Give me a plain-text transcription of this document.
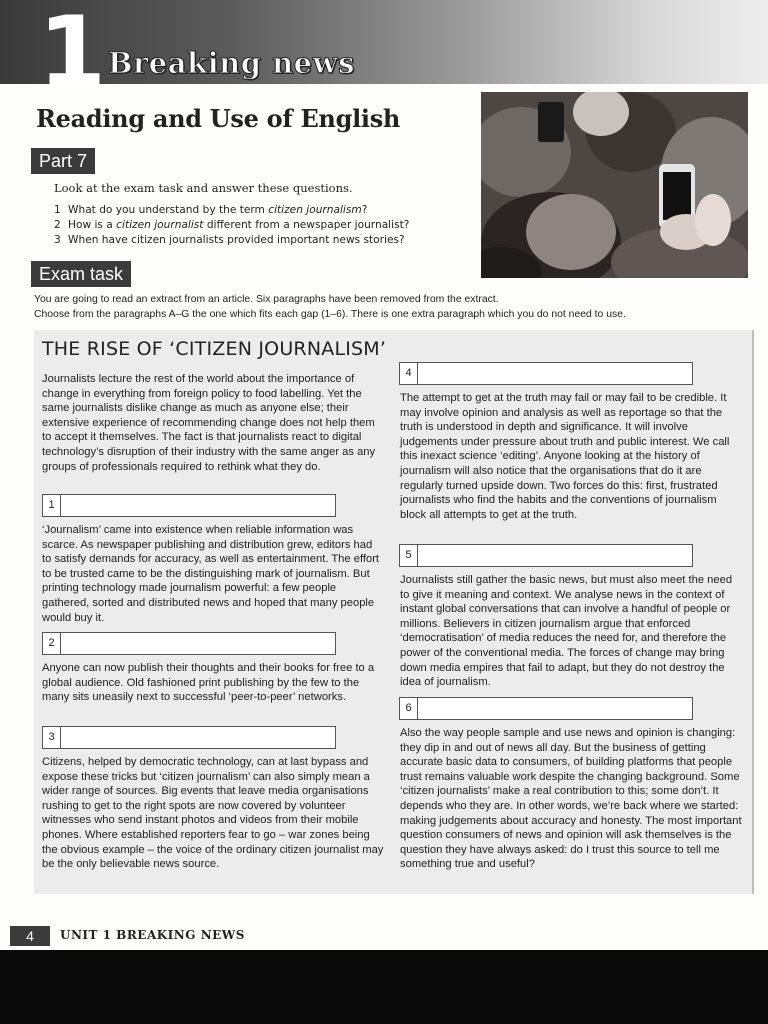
1 Breaking news
Reading and Use of English
Part 7
Look at the exam task and answer these questions.
1 What do you understand by the term citizen journalism?
2 How is a citizen journalist different from a newspaper journalist?
3 When have citizen journalists provided important news stories?
Exam task
You are going to read an extract from an article. Six paragraphs have been removed from the extract.
Choose from the paragraphs A–G the one which fits each gap (1–6). There is one extra paragraph which you do not need to use.
THE RISE OF ‘CITIZEN JOURNALISM’

Journalists lecture the rest of the world about the importance of change in everything from foreign policy to food labelling. Yet the same journalists dislike change as much as anyone else; their extensive experience of recommending change does not help them to accept it themselves. The fact is that journalists react to digital technology’s disruption of their industry with the same anger as any groups of professionals required to rethink what they do.

1

‘Journalism’ came into existence when reliable information was scarce. As newspaper publishing and distribution grew, editors had to satisfy demands for accuracy, as well as entertainment. The effort to be trusted came to be the distinguishing mark of journalism. But printing technology made journalism powerful: a few people gathered, sorted and distributed news and hoped that many people would buy it.

2

Anyone can now publish their thoughts and their books for free to a global audience. Old fashioned print publishing by the few to the many sits uneasily next to successful ‘peer-to-peer’ networks.

3

Citizens, helped by democratic technology, can at last bypass and expose these tricks but ‘citizen journalism’ can also simply mean a wider range of sources. Big events that leave media organisations rushing to get to the right spots are now covered by volunteer witnesses who send instant photos and videos from their mobile phones. Where established reporters fear to go – war zones being the obvious example – the voice of the ordinary citizen journalist may be the only believable news source.

4

The attempt to get at the truth may fail or may fail to be credible. It may involve opinion and analysis as well as reportage so that the truth is understood in depth and significance. It will involve judgements under pressure about truth and public interest. We call this inexact science ‘editing’. Anyone looking at the history of journalism will also notice that the organisations that do it are regularly turned upside down. Two forces do this: first, frustrated journalists who find the habits and the conventions of journalism block all attempts to get at the truth.

5

Journalists still gather the basic news, but must also meet the need to give it meaning and context. We analyse news in the context of instant global conversations that can involve a handful of people or millions. Believers in citizen journalism argue that enforced ‘democratisation’ of media reduces the need for, and therefore the power of the conventional media. The forces of change may bring down media empires that fail to adapt, but they do not destroy the idea of journalism.

6

Also the way people sample and use news and opinion is changing: they dip in and out of news all day. But the business of getting accurate basic data to consumers, of building platforms that people trust remains valuable work despite the changing background. Some ‘citizen journalists’ make a real contribution to this; some don’t. It depends who they are. In other words, we’re back where we started: making judgements about accuracy and honesty. The most important question consumers of news and opinion will ask themselves is the question they have always asked: do I trust this source to tell me something true and useful?

4	UNIT 1 BREAKING NEWS
